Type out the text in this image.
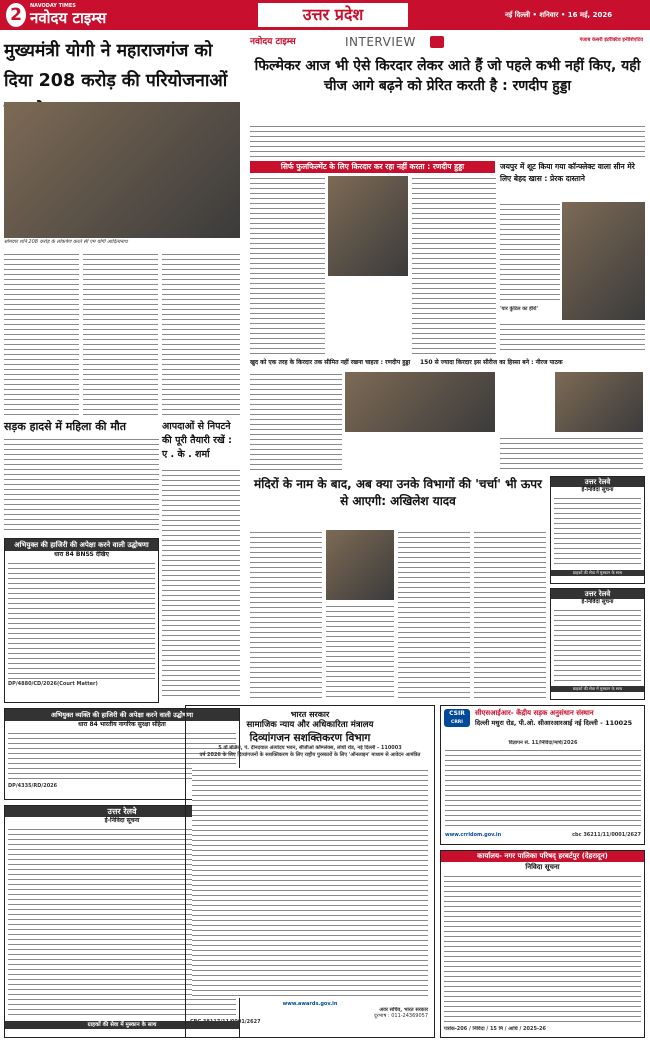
2	NAVODAY TIMES
नवोदय टाइम्स	उत्तर प्रदेश	नई दिल्ली • शनिवार • 16 मई, 2026
मुख्यमंत्री योगी ने महाराजगंज को दिया 208 करोड़ की परियोजनाओं
सोमवार शनि 208 करोड़ के लोकर्पण करते सी एम योगी आदित्यनाथ
सड़क हादसे में महिला की मौत	आपदाओं से निपटने की पूरी तैयारी रखें : ए . के . शर्मा
अभियुक्त की हाजिरी की अपेक्षा करने वाली उद्घोषणा
धारा 84 BNSS देखिए
DP/4880/CD/2026(Court Matter)
अभियुक्त व्यक्ति की हाजिरी की अपेक्षा करने वाली उद्घोषणा
धारा 84 भारतीय नागरिक सुरक्षा संहिता
DP/4335/RD/2026
उत्तर रेलवे
ई-निविदा सूचना
ग्राहकों की सेवा में मुस्कान के साथ
नवोदय टाइम्स	INTERVIEW	पंजाब केसरी इंटरैक्टिव इनीशिएटिव
फिल्मेकर आज भी ऐसे किरदार लेकर आते हैं जो पहले कभी नहीं किए, यही चीज आगे बढ़ने को प्रेरित करती है : रणदीप हुड्डा
सिर्फ फुलफिल्मेंट के लिए किरदार कर रहा नहीं करता : रणदीप हुड्डा
खुद को एक तरह के किरदार तक सीमित नहीं रखना चाहता : रणदीप हुड्डा	150 से ज्यादा किरदार इस सीरीज का हिस्सा बने : नीरज पाठक
जयपुर में शूट किया गया कॉन्फ्लेक्ट वाला सीन मेरे लिए बेहद खास : प्रेरक दास्ताने
'यार कुंटिल का हीरो'
मंदिरों के नाम के बाद, अब क्या उनके विभागों की 'चर्चा' भी ऊपर से आएगी: अखिलेश यादव
उत्तर रेलवे
ई-निविदा सूचना
ग्राहकों की सेवा में मुस्कान के साथ
उत्तर रेलवे
ई-निविदा सूचना
ग्राहकों की सेवा में मुस्कान के साथ
भारत सरकार
सामाजिक न्याय और अधिकारिता मंत्रालय
दिव्यांगजन सशक्तिकरण विभाग
5 वाँ मंजिल, पं. दीनदयाल अंत्योदय भवन, सीजीओ कॉम्प्लेक्स, लोधी रोड, नई दिल्ली - 110003
वर्ष 2026 के लिए दिव्यांगजनों के सशक्तिकरण के लिए राष्ट्रीय पुरस्कारों के लिए 'ऑनलाइन' माध्यम से आवेदन आमंत्रित
www.awards.gov.in
अवर सचिव, भारत सरकार
दूरभाष : 011-24369057
CBC 38117/11/0001/2627
CSIR
CRRI
सीएसआईआर- केंद्रीय सड़क अनुसंधान संस्थान
दिल्ली मथुरा रोड, पी.ओ. सीआरआरआई नई दिल्ली - 110025
विज्ञापन सं. 11/निविदा/मार्च/2026
www.crridom.gov.in	cbc 36211/11/0001/2627
कार्यालय- नगर पालिका परिषद् हरबर्टपुर (देहरादून)
निविदा सूचना
पत्रांक-206 / निविदा / 15 मि / आधि / 2025-26
